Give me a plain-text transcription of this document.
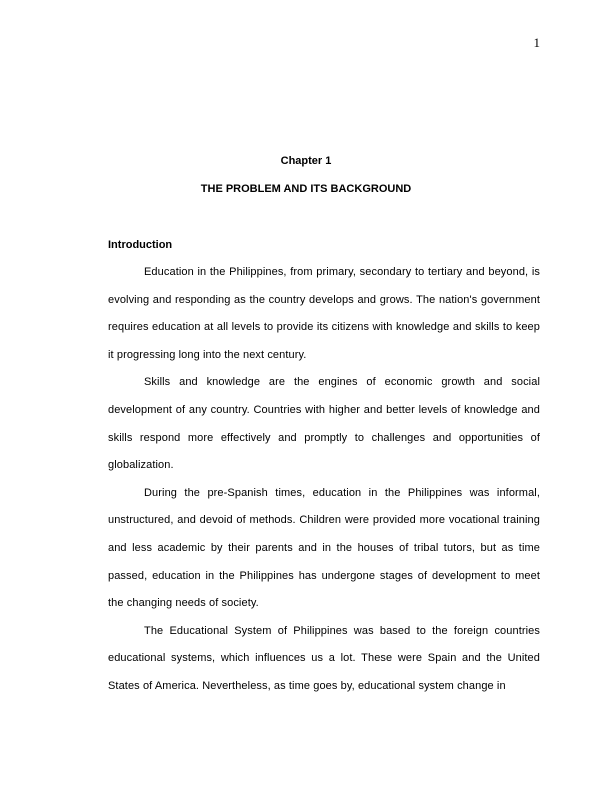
1
Chapter 1
THE PROBLEM AND ITS BACKGROUND
Introduction

Education in the Philippines, from primary, secondary to tertiary and beyond, is evolving and responding as the country develops and grows. The nation's government requires education at all levels to provide its citizens with knowledge and skills to keep it progressing long into the next century.

Skills and knowledge are the engines of economic growth and social development of any country. Countries with higher and better levels of knowledge and skills respond more effectively and promptly to challenges and opportunities of globalization.

During the pre-Spanish times, education in the Philippines was informal, unstructured, and devoid of methods. Children were provided more vocational training and less academic by their parents and in the houses of tribal tutors, but as time passed, education in the Philippines has undergone stages of development to meet the changing needs of society.

The Educational System of Philippines was based to the foreign countries educational systems, which influences us a lot. These were Spain and the United States of America. Nevertheless, as time goes by, educational system change in
